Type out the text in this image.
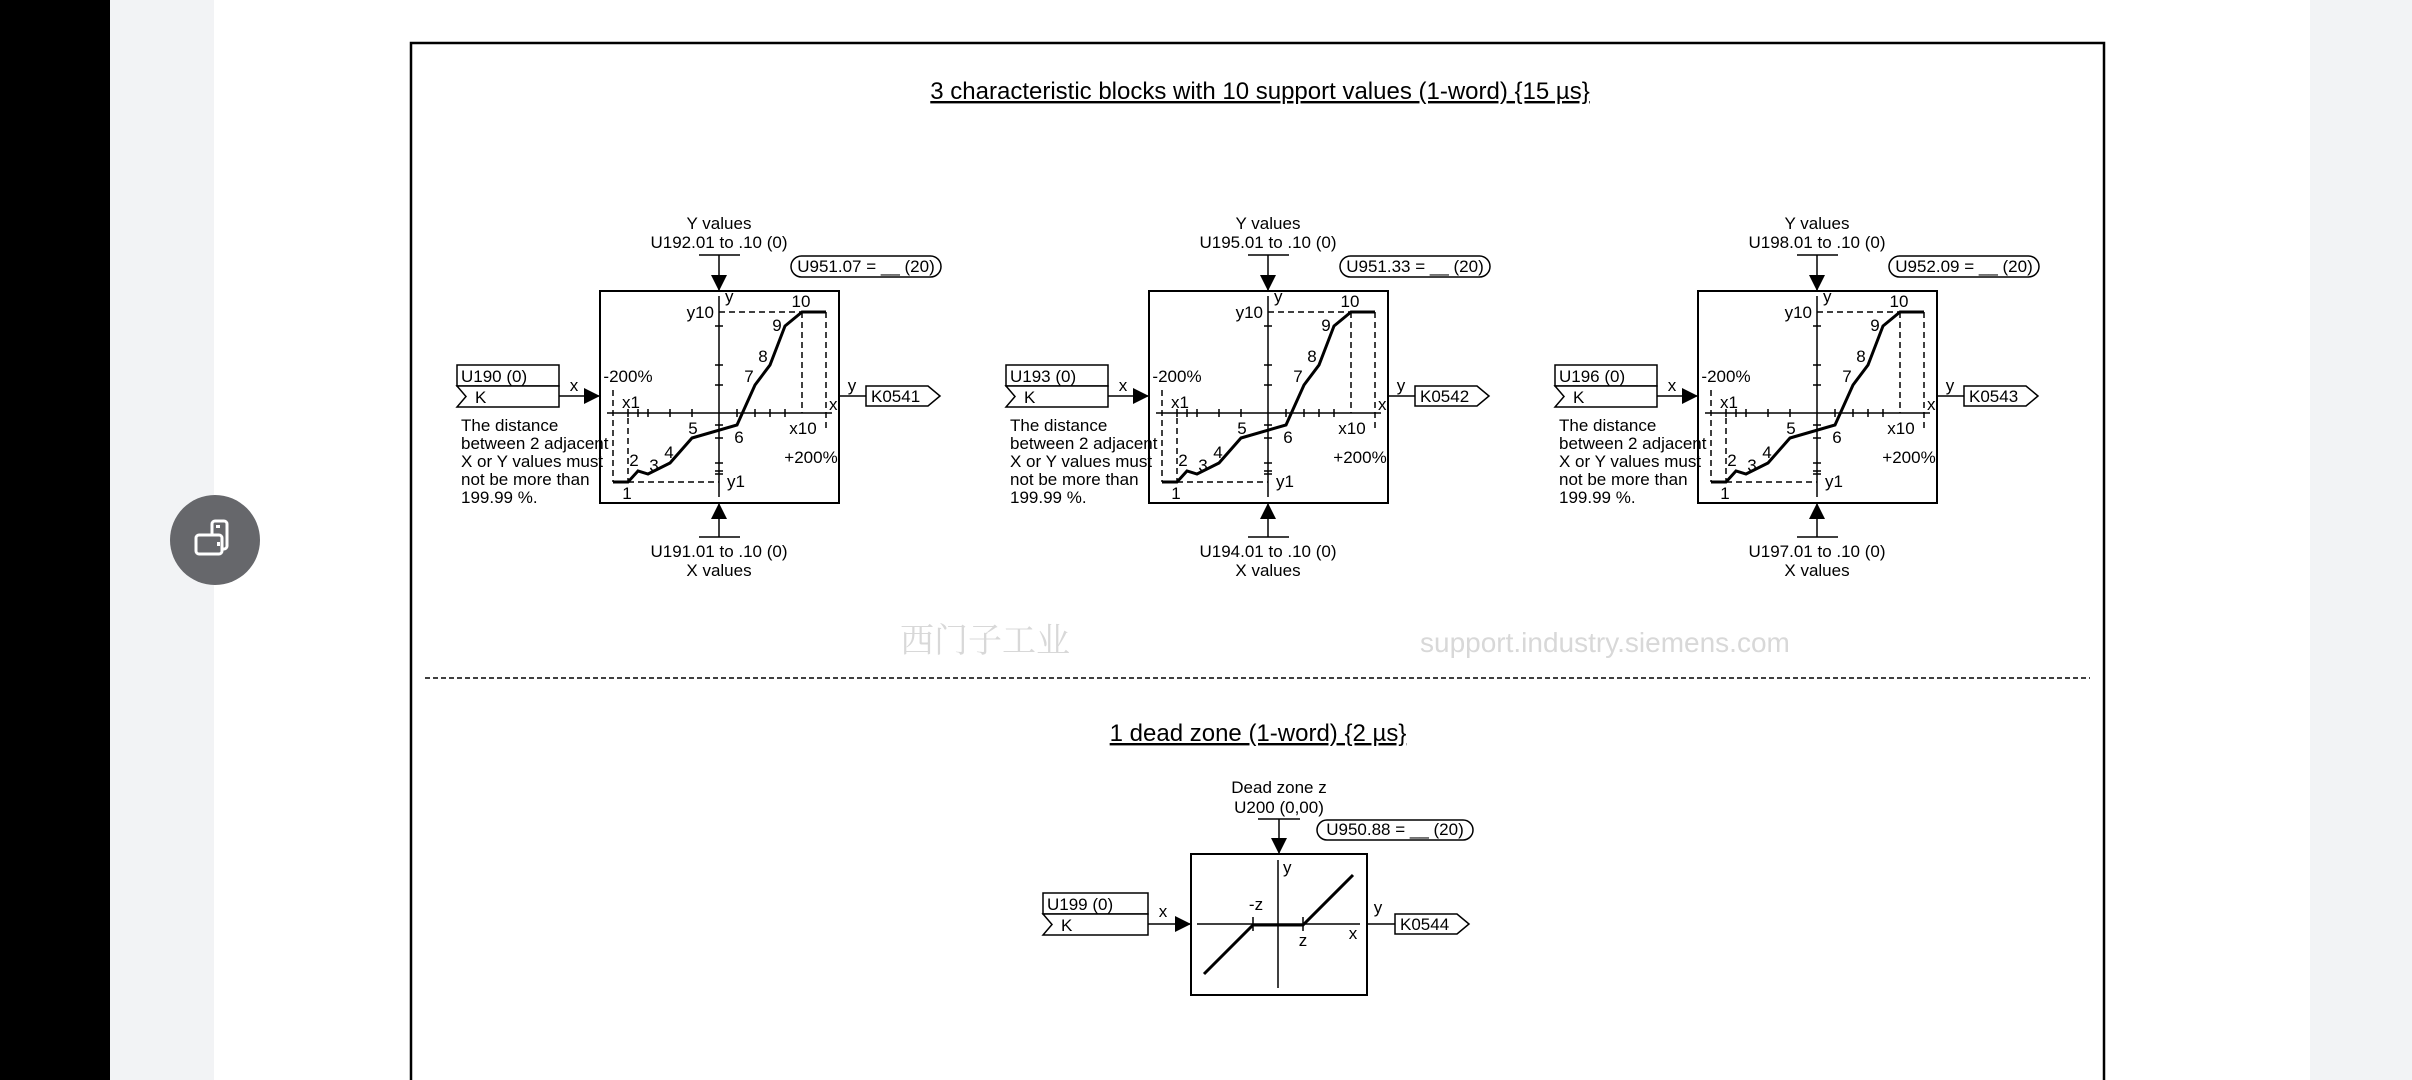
西门子工业	support.industry.siemens.com
3 characteristic blocks with 10 support values (1-word) {15 µs}
1 dead zone (1-word) {2 µs}
Y values
U192.01 to .10 (0)
U951.07 = __ (20)
U190 (0)
K
x
The distance
between 2 adjacent
X or Y values must
not be more than
199.99 %.	1
2 3
4
5 6
7
8
9
10
-200%
x1
x10
+200%
y1
y10
y
x
U191.01 to .10 (0)
X values
y
K0541
Y values
U195.01 to .10 (0)
U951.33 = __ (20)
U193 (0)
K
x
The distance
between 2 adjacent
X or Y values must
not be more than
199.99 %.	1
2 3
4
5 6
7
8
9
10
-200%
x1
x10
+200%
y1
y10
y
x
U194.01 to .10 (0)
X values
y
K0542
Y values
U198.01 to .10 (0)
U952.09 = __ (20)
U196 (0)
K
x
The distance
between 2 adjacent
X or Y values must
not be more than
199.99 %.	1
2 3
4
5 6
7
8
9
10
-200%
x1
x10
+200%
y1
y10
y
x
U197.01 to .10 (0)
X values
y
K0543
Dead zone z
U200 (0,00)
U950.88 = __ (20)
U199 (0)
K
x	-z
z x
y
y
K0544
